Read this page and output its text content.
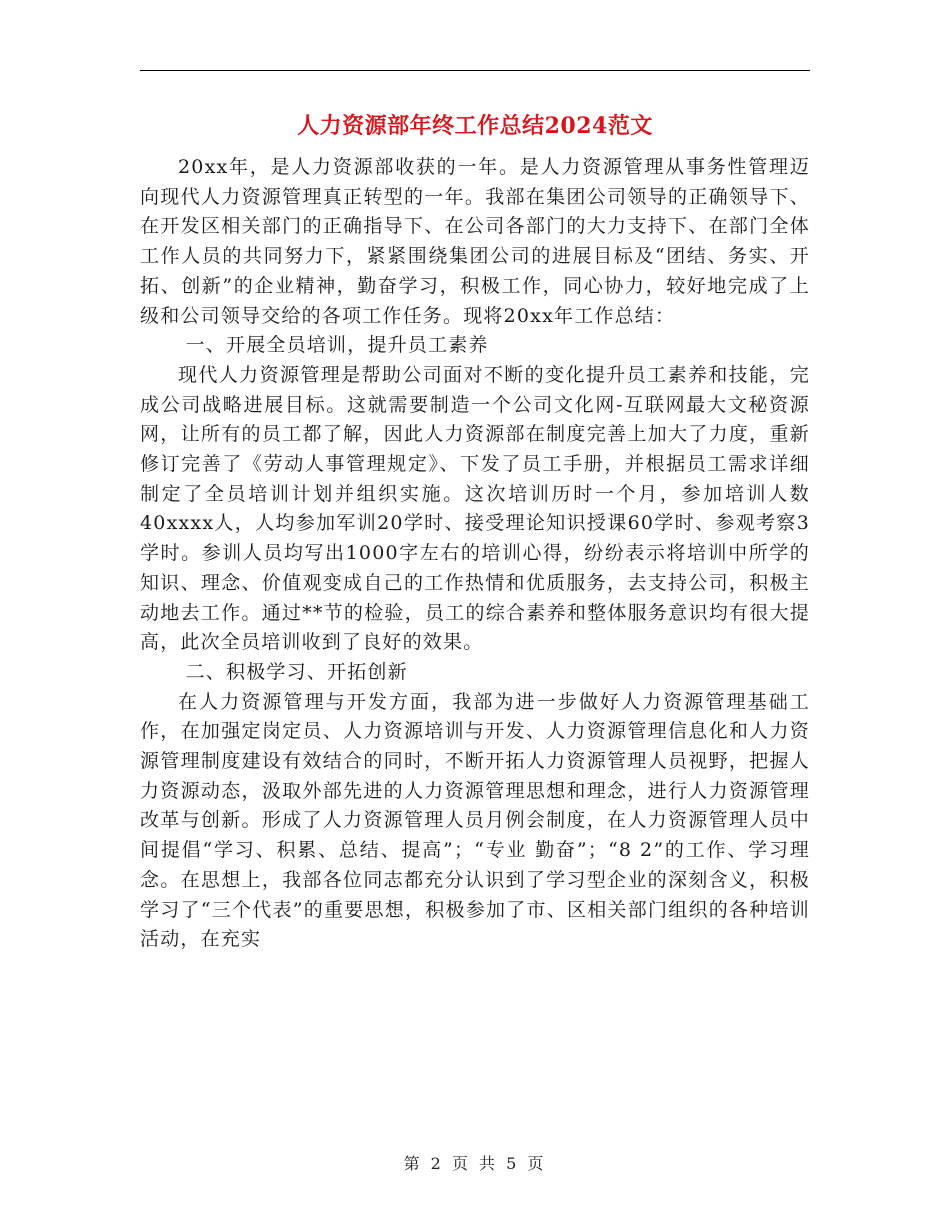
人力资源部年终工作总结2024范文

20xx年，是人力资源部收获的一年。是人力资源管理从事务性管理迈向现代人力资源管理真正转型的一年。我部在集团公司领导的正确领导下、在开发区相关部门的正确指导下、在公司各部门的大力支持下、在部门全体工作人员的共同努力下，紧紧围绕集团公司的进展目标及“团结、务实、开拓、创新”的企业精神，勤奋学习，积极工作，同心协力，较好地完成了上级和公司领导交给的各项工作任务。现将20xx年工作总结：

一、开展全员培训，提升员工素养

现代人力资源管理是帮助公司面对不断的变化提升员工素养和技能，完成公司战略进展目标。这就需要制造一个公司文化网-互联网最大文秘资源网，让所有的员工都了解，因此人力资源部在制度完善上加大了力度，重新修订完善了《劳动人事管理规定》、下发了员工手册，并根据员工需求详细制定了全员培训计划并组织实施。这次培训历时一个月，参加培训人数40xxxx人，人均参加军训20学时、接受理论知识授课60学时、参观考察3学时。参训人员均写出1000字左右的培训心得，纷纷表示将培训中所学的知识、理念、价值观变成自己的工作热情和优质服务，去支持公司，积极主动地去工作。通过**节的检验，员工的综合素养和整体服务意识均有很大提高，此次全员培训收到了良好的效果。

二、积极学习、开拓创新

在人力资源管理与开发方面，我部为进一步做好人力资源管理基础工作，在加强定岗定员、人力资源培训与开发、人力资源管理信息化和人力资源管理制度建设有效结合的同时，不断开拓人力资源管理人员视野，把握人力资源动态，汲取外部先进的人力资源管理思想和理念，进行人力资源管理改革与创新。形成了人力资源管理人员月例会制度，在人力资源管理人员中间提倡“学习、积累、总结、提高”；“专业 勤奋”；“8 2”的工作、学习理念。在思想上，我部各位同志都充分认识到了学习型企业的深刻含义，积极学习了“三个代表”的重要思想，积极参加了市、区相关部门组织的各种培训活动，在充实

第 2 页 共 5 页
